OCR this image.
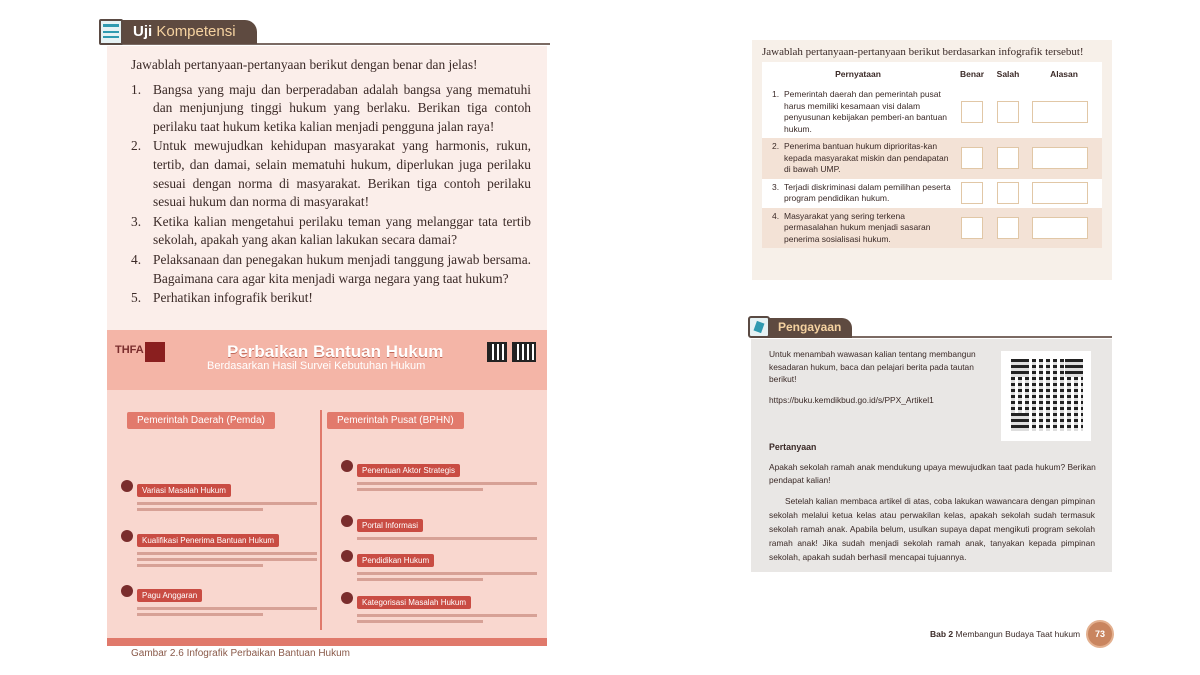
Uji Kompetensi

Jawablah pertanyaan-pertanyaan berikut dengan benar dan jelas!

1. Bangsa yang maju dan berperadaban adalah bangsa yang mematuhi dan menjunjung tinggi hukum yang berlaku. Berikan tiga contoh perilaku taat hukum ketika kalian menjadi pengguna jalan raya!
2. Untuk mewujudkan kehidupan masyarakat yang harmonis, rukun, tertib, dan damai, selain mematuhi hukum, diperlukan juga perilaku sesuai dengan norma di masyarakat. Berikan tiga contoh perilaku sesuai hukum dan norma di masyarakat!
3. Ketika kalian mengetahui perilaku teman yang melanggar tata tertib sekolah, apakah yang akan kalian lakukan secara damai?
4. Pelaksanaan dan penegakan hukum menjadi tanggung jawab bersama. Bagaimana cara agar kita menjadi warga negara yang taat hukum?
5. Perhatikan infografik berikut!
THFA	Perbaikan Bantuan Hukum
Berdasarkan Hasil Survei Kebutuhan Hukum
Pemerintah Daerah (Pemda)	Pemerintah Pusat (BPHN)
Variasi Masalah Hukum
Kualifikasi Penerima Bantuan Hukum
Pagu Anggaran
Penentuan Aktor Strategis
Portal Informasi
Pendidikan Hukum
Kategorisasi Masalah Hukum
Gambar 2.6 Infografik Perbaikan Bantuan Hukum

Jawablah pertanyaan-pertanyaan berikut berdasarkan infografik tersebut!

Pernyataan	Benar	Salah	Alasan
1. Pemerintah daerah dan pemerintah pusat harus memiliki kesamaan visi dalam penyusunan kebijakan pemberi-an bantuan hukum.
2. Penerima bantuan hukum diprioritas-kan kepada masyarakat miskin dan pendapatan di bawah UMP.
3. Terjadi diskriminasi dalam pemilihan peserta program pendidikan hukum.
4. Masyarakat yang sering terkena permasalahan hukum menjadi sasaran penerima sosialisasi hukum.
Pengayaan

Untuk menambah wawasan kalian tentang membangun kesadaran hukum, baca dan pelajari berita pada tautan berikut!

https://buku.kemdikbud.go.id/s/PPX_Artikel1

Pertanyaan

Apakah sekolah ramah anak mendukung upaya mewujudkan taat pada hukum? Berikan pendapat kalian!

Setelah kalian membaca artikel di atas, coba lakukan wawancara dengan pimpinan sekolah melalui ketua kelas atau perwakilan kelas, apakah sekolah sudah termasuk sekolah ramah anak. Apabila belum, usulkan supaya dapat mengikuti program sekolah ramah anak! Jika sudah menjadi sekolah ramah anak, tanyakan kepada pimpinan sekolah, apakah sudah berhasil mencapai tujuannya.

Bab 2 Membangun Budaya Taat hukum	73
